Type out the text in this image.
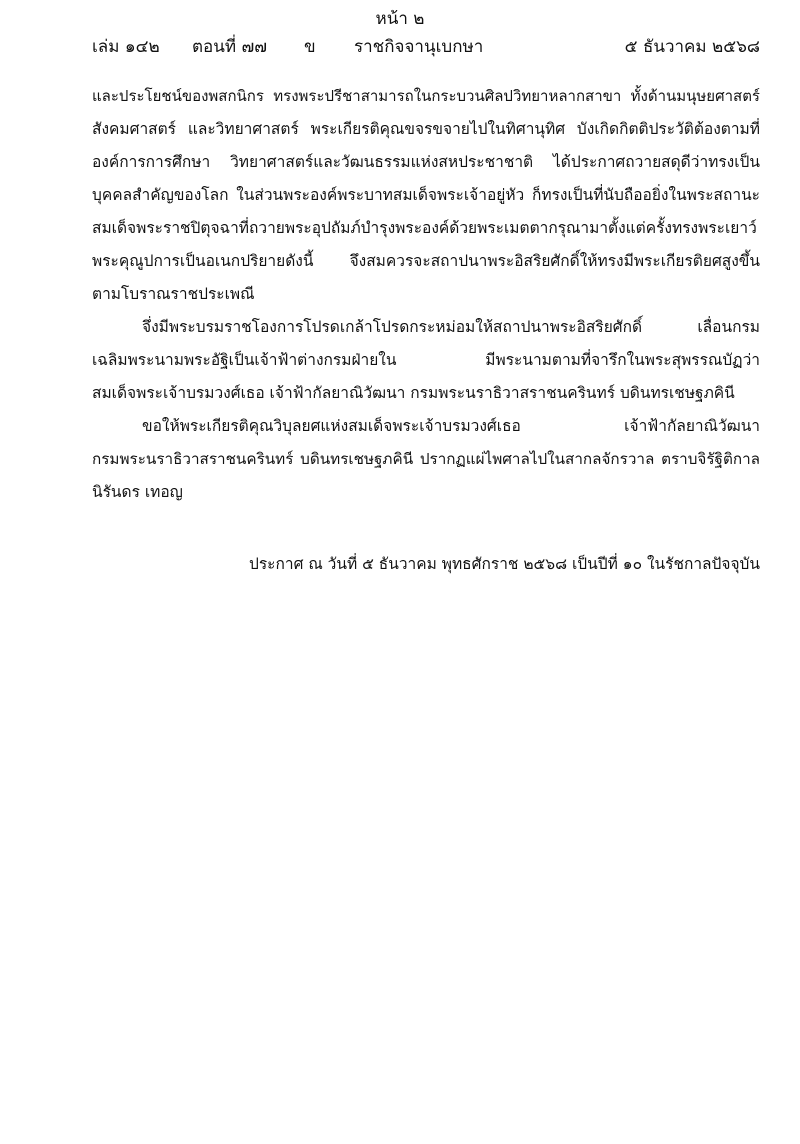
หน้า ๒
เล่ม ๑๔๒ ตอนที่ ๗๗ ข ราชกิจจานุเบกษา	๕ ธันวาคม ๒๕๖๘
และประโยชน์ของพสกนิกร ทรงพระปรีชาสามารถในกระบวนศิลปวิทยาหลากสาขา ทั้งด้านมนุษยศาสตร์
สังคมศาสตร์ และวิทยาศาสตร์ พระเกียรติคุณขจรขจายไปในทิศานุทิศ บังเกิดกิตติประวัติต้องตามที่
องค์การการศึกษา วิทยาศาสตร์และวัฒนธรรมแห่งสหประชาชาติ ได้ประกาศถวายสดุดีว่าทรงเป็น
บุคคลสำคัญของโลก ในส่วนพระองค์พระบาทสมเด็จพระเจ้าอยู่หัว ก็ทรงเป็นที่นับถืออยิ่งในพระสถานะ
สมเด็จพระราชปิตุจฉาที่ถวายพระอุปถัมภ์บำรุงพระองค์ด้วยพระเมตตากรุณามาตั้งแต่ครั้งทรงพระเยาว์
พระคุณูปการเป็นอเนกปริยายดังนี้ จึงสมควรจะสถาปนาพระอิสริยศักดิ์ให้ทรงมีพระเกียรติยศสูงขึ้น
ตามโบราณราชประเพณี
จึ่งมีพระบรมราชโองการโปรดเกล้าโปรดกระหม่อมให้สถาปนาพระอิสริยศักดิ์ เลื่อนกรม
เฉลิมพระนามพระอัฐิเป็นเจ้าฟ้าต่างกรมฝ่ายใน มีพระนามตามที่จารึกในพระสุพรรณบัฏว่า
สมเด็จพระเจ้าบรมวงศ์เธอ เจ้าฟ้ากัลยาณิวัฒนา กรมพระนราธิวาสราชนครินทร์ บดินทรเชษฐภคินี
ขอให้พระเกียรติคุณวิบุลยศแห่งสมเด็จพระเจ้าบรมวงศ์เธอ เจ้าฟ้ากัลยาณิวัฒนา
กรมพระนราธิวาสราชนครินทร์ บดินทรเชษฐภคินี ปรากฏแผ่ไพศาลไปในสากลจักรวาล ตราบจิรัฐิติกาล
นิรันดร เทอญ
ประกาศ ณ วันที่ ๕ ธันวาคม พุทธศักราช ๒๕๖๘ เป็นปีที่ ๑๐ ในรัชกาลปัจจุบัน
